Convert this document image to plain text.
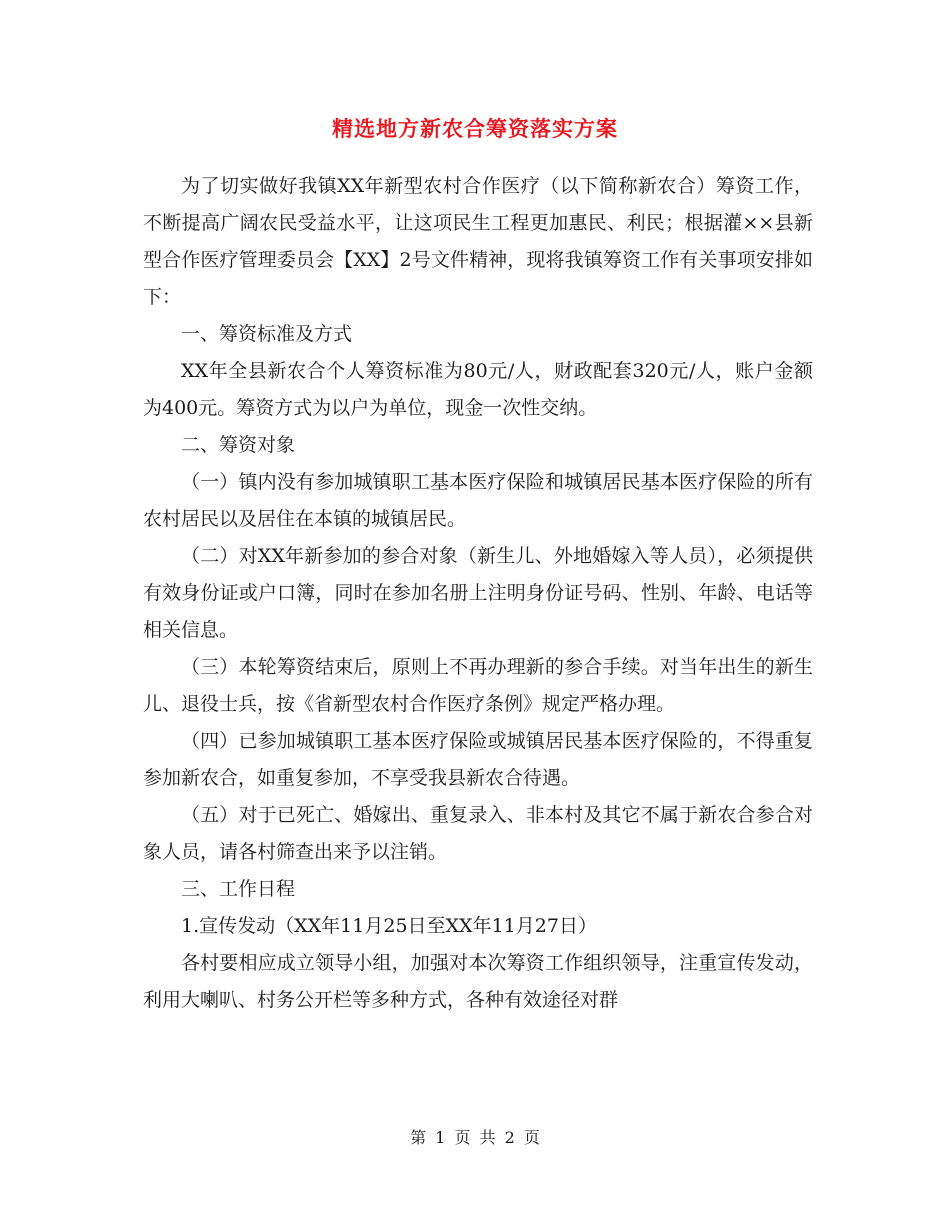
精选地方新农合筹资落实方案

为了切实做好我镇XX年新型农村合作医疗（以下简称新农合）筹资工作，不断提高广阔农民受益水平，让这项民生工程更加惠民、利民；根据灌××县新型合作医疗管理委员会【XX】2号文件精神，现将我镇筹资工作有关事项安排如下：

一、筹资标准及方式

XX年全县新农合个人筹资标准为80元/人，财政配套320元/人，账户金额为400元。筹资方式为以户为单位，现金一次性交纳。

二、筹资对象

（一）镇内没有参加城镇职工基本医疗保险和城镇居民基本医疗保险的所有农村居民以及居住在本镇的城镇居民。

（二）对XX年新参加的参合对象（新生儿、外地婚嫁入等人员），必须提供有效身份证或户口簿，同时在参加名册上注明身份证号码、性别、年龄、电话等相关信息。

（三）本轮筹资结束后，原则上不再办理新的参合手续。对当年出生的新生儿、退役士兵，按《省新型农村合作医疗条例》规定严格办理。

（四）已参加城镇职工基本医疗保险或城镇居民基本医疗保险的，不得重复参加新农合，如重复参加，不享受我县新农合待遇。

（五）对于已死亡、婚嫁出、重复录入、非本村及其它不属于新农合参合对象人员，请各村筛查出来予以注销。

三、工作日程

1.宣传发动（XX年11月25日至XX年11月27日）

各村要相应成立领导小组，加强对本次筹资工作组织领导，注重宣传发动，利用大喇叭、村务公开栏等多种方式，各种有效途径对群

第 1 页 共 2 页
